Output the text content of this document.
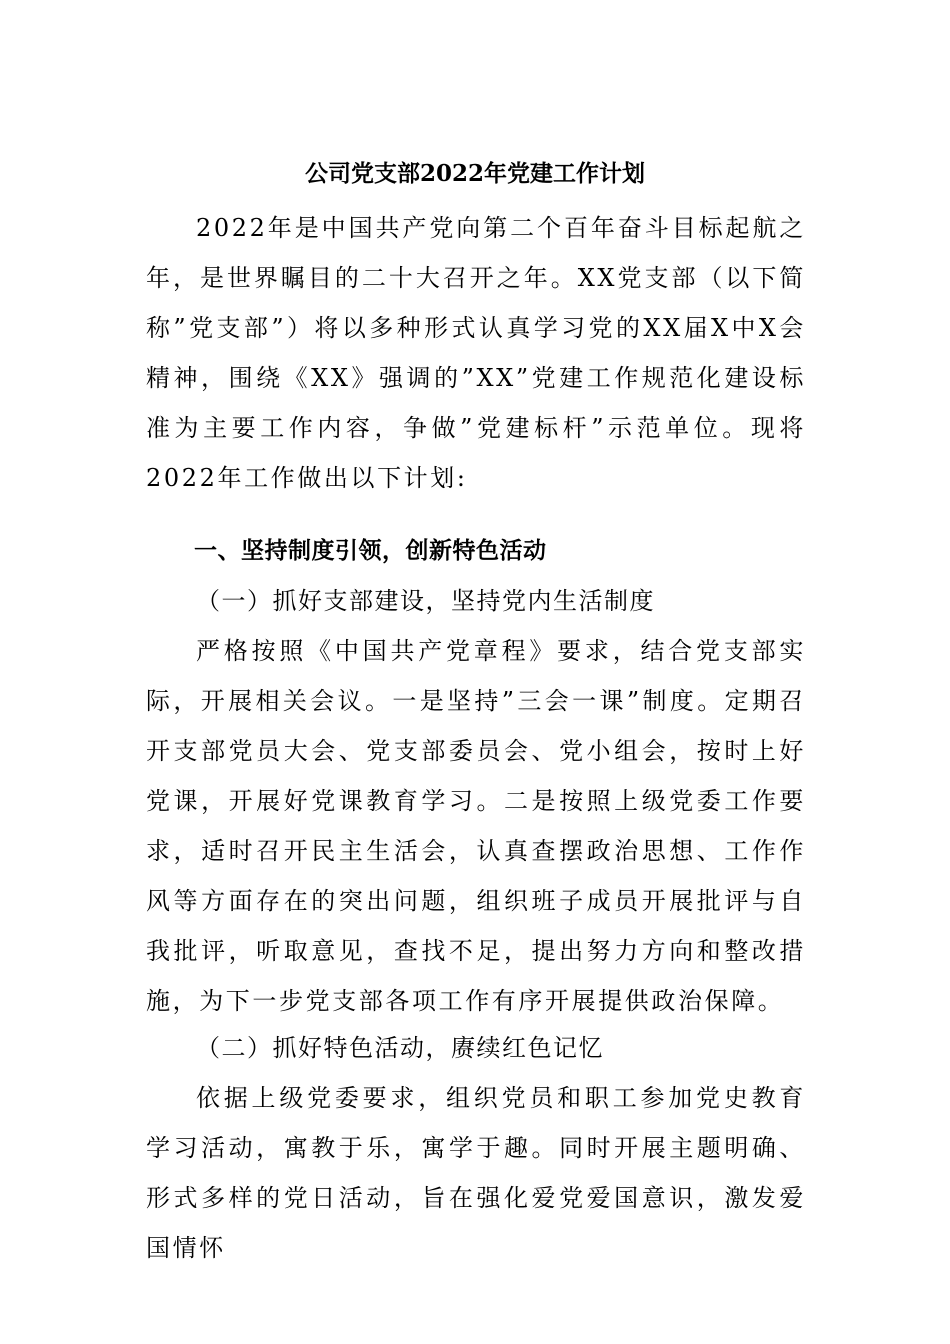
公司党支部2022年党建工作计划
2022年是中国共产党向第二个百年奋斗目标起航之年，是世界瞩目的二十大召开之年。XX党支部（以下简称”党支部”）将以多种形式认真学习党的XX届X中X会精神，围绕《XX》强调的”XX”党建工作规范化建设标准为主要工作内容，争做”党建标杆”示范单位。现将2022年工作做出以下计划:
一、坚持制度引领，创新特色活动
（一）抓好支部建设，坚持党内生活制度
严格按照《中国共产党章程》要求，结合党支部实际，开展相关会议。一是坚持”三会一课”制度。定期召开支部党员大会、党支部委员会、党小组会，按时上好党课，开展好党课教育学习。二是按照上级党委工作要求，适时召开民主生活会，认真查摆政治思想、工作作风等方面存在的突出问题，组织班子成员开展批评与自我批评，听取意见，查找不足，提出努力方向和整改措施，为下一步党支部各项工作有序开展提供政治保障。
（二）抓好特色活动，赓续红色记忆
依据上级党委要求，组织党员和职工参加党史教育学习活动，寓教于乐，寓学于趣。同时开展主题明确、形式多样的党日活动，旨在强化爱党爱国意识，激发爱国情怀
